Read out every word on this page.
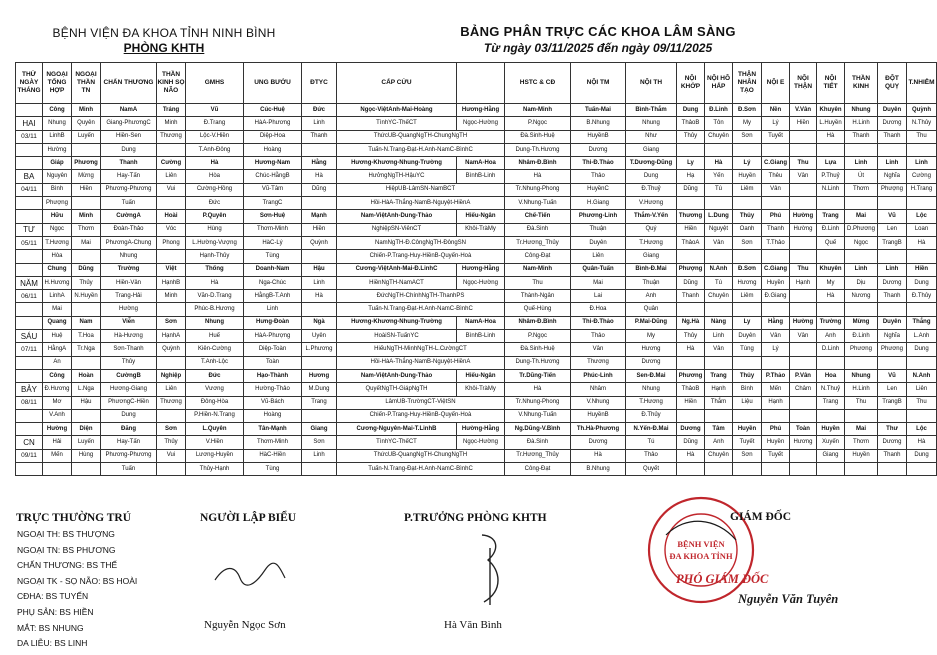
BỆNH VIỆN ĐA KHOA TỈNH NINH BÌNH
PHÒNG KHTH
BẢNG PHÂN TRỰC CÁC KHOA LÂM SÀNG
Từ ngày 03/11/2025 đến ngày 09/11/2025
THỨ NGÀY THÁNG	NGOẠI TỔNG HỢP	NGOẠI THẦN TN	CHẤN THƯƠNG	THẦN KINH SỌ NÃO	GMHS	UNG BƯỚU	ĐTYC	CẤP CỨU		HSTC & CĐ	NỘI TM	NỘI TH	NỘI KHỚP	NỘI HÔ HẤP	THẬN NHÂN TẠO	NỘI E	NỘI THẬN	NỘI TIẾT	THẦN KINH	ĐỘT QUỴ	T.NHIỄM
	Công	Minh	NamA	Tráng	Vũ	Cúc-Huệ	Đức	Ngọc-ViệtAnh-Mai-Hoàng	Hương-Hằng	Nam-Minh	Tuấn-Mai	Bình-Thắm	Dung	Đ.Linh	Đ.Sơn	Nền	V.Vân	Khuyên	Nhung	Duyên	Quỳnh
HAI	Nhung	Quyên	Giang-PhươngC	Minh	Đ.Trang	HàA-Phương	Linh	TìnhYC-ThếCT	Ngọc-Hường	P.Ngọc	B.Nhung	Nhung	ThảoB	Tôn	My	Lý	Hiền	L.Huyền	H.Linh	Dương	N.Thủy
03/11	LinhB	Luyến	Hiền-Sen	Thương	Lộc-V.Hiền	Diệp-Hoa	Thanh	ThứcUB-QuangNgTH-ChungNgTH		Đà.Sinh-Huệ	HuyềnB	Như	Thủy	Chuyên	Sơn	Tuyết		Hà	Thanh	Thanh	Thu
	Hường		Dung		T.Anh-Đông	Hoàng		Tuấn-N.Trang-Đạt-H.Anh-NamC-BìnhC		Dung-Th.Hương	Dương	Giang									
	Giáp	Phương	Thanh	Cường	Hà	Hương-Nam	Hằng	Hương-Khương-Nhung-Trường	NamA-Hoa	Nhâm-Đ.Bình	Thi-Đ.Thảo	T.Dương-Dũng	Ly	Hà	Lý	C.Giang	Thu	Lựa	Linh	Linh	Linh
BA	Nguyên	Mừng	Hay-Tấn	Liên	Hòa	Chúc-HằngB	Hà	HưởngNgTH-HậuYC	BìnhB-Linh	Hà	Thảo	Dung	Hạ	Yến	Huyền	Thêu	Vân	P.Thuỷ	Út	Nghĩa	Cường
04/11	Bình	Hiền	Phương-Phương	Vui	Cường-Hồng	Vũ-Tâm	Dũng	HiệpUB-LâmSN-NamBCT		Tr.Nhung-Phong	HuyềnC	Đ.Thuỷ	Dũng	Tú	Liêm	Vân		N.Linh	Thơm	Phượng	H.Trang
	Phượng		Tuấn		Đức	TrangC		Hồi-HàA-Thắng-NamB-Nguyệt-HiềnA		V.Nhung-Tuấn	H.Giang	V.Hương									
	Hữu	Minh	CườngA	Hoài	P.Quyên	Sơn-Huệ	Mạnh	Nam-ViệtAnh-Dung-Thảo	Hiếu-Ngân	Chế-Tiến	Phương-Linh	Thắm-V.Yến	Thương	L.Dung	Thủy	Phú	Hường	Trang	Mai	Vũ	Lộc
TƯ	Ngọc	Thơm	Đoàn-Thảo	Vóc	Hùng	Thơm-Minh	Hiền	NghiệpSN-ViênCT	Khôi-TràMy	Đà.Sinh	Thuận	Quý	Hiền	Nguyệt	Oanh	Thanh	Hường	Đ.Linh	D.Phương	Len	Loan
05/11	T.Hương	Mai	PhươngA-Chung	Phong	L.Hường-Vượng	HàC-Lý	Quỳnh	NamNgTH-Đ.CôngNgTH-ĐôngSN		Tr.Hương_Thủy	Duyên	T.Hương	ThảoA	Vân	Sơn	T.Thảo		Quế	Ngọc	TrangB	Hà
	Hòa		Nhung		Hạnh-Thủy	Tùng		Chiến-P.Trang-Huy-HiềnB-Quyến-Hoà		Công-Đạt	Liên	Giang									
	Chung	Dũng	Trường	Việt	Thống	Doanh-Nam	Hậu	Cương-ViệtAnh-Mai-Đ.LinhC	Hương-Hằng	Nam-Minh	Quân-Tuấn	Bình-Đ.Mai	Phượng	N.Anh	Đ.Sơn	C.Giang	Thu	Khuyên	Linh	Linh	Hiền
NĂM	H.Hương	Thủy	Hiền-Vân	HạnhB	Hà	Nga-Chúc	Linh	HiềnNgTH-NamACT	Ngọc-Hường	Thu	Mai	Thuận	Dũng	Tú	Hương	Huyền	Hạnh	My	Dịu	Dương	Dung
06/11	LinhA	N.Huyền	Trang-Hải	Minh	Văn-D.Trang	HằngB-T.Anh	Hà	ĐứcNgTH-ChínhNgTH-ThanhPS		Thành-Ngân	Lai	Anh	Thanh	Chuyên	Liêm	Đ.Giang		Hà	Nương	Thanh	Đ.Thủy
	Mai		Hường		Phúc-B.Hương	Linh		Tuấn-N.Trang-Đạt-H.Anh-NamC-BìnhC		Quế-Hùng	Đ.Hoa	Quân									
	Quang	Nam	Viễn	Sơn	Nhung	Hưng-Đoàn	Ngà	Hương-Khương-Nhung-Trường	NamA-Hoa	Nhâm-Đ.Bình	Thi-Đ.Thảo	P.Mai-Dũng	Ng.Hà	Nàng	Ly	Hằng	Hường	Trường	Mừng	Duyên	Thắng
SÁU	Huệ	T.Hoa	Hà-Hương	HạnhA	Huế	HàA-Phượng	Uyên	HoàiSN-TuấnYC	BìnhB-Linh	P.Ngọc	Thảo	My	Thủy	Linh	Duyên	Vân	Vân	Anh	Đ.Linh	Nghĩa	L.Anh
07/11	HằngA	Tr.Nga	Sơn-Thanh	Quỳnh	Kiên-Cường	Diệp-Toàn	L.Phương	HiếuNgTH-MinhNgTH-L.CườngCT		Đà.Sinh-Huệ	Vân	Hương	Hà	Vân	Tùng	Lý		D.Linh	Phương	Phương	Dung
	An		Thủy		T.Anh-Lộc	Toàn		Hồi-HàA-Thắng-NamB-Nguyệt-HiềnA		Dung-Th.Hương	Thương	Dương									
	Công	Hoàn	CườngB	Nghiệp	Đức	Hạo-Thành	Hương	Nam-ViệtAnh-Dung-Thảo	Hiếu-Ngân	Tr.Dũng-Tiến	Phúc-Linh	Sen-Đ.Mai	Phương	Trang	Thủy	P.Thảo	P.Vân	Hoa	Nhung	Vũ	N.Anh
BẢY	Đ.Hương	L.Nga	Hương-Giang	Liên	Vương	Hường-Thảo	M.Dung	QuyếtNgTH-GiápNgTH	Khôi-TràMy	Hà	Nhâm	Nhung	ThảoB	Hạnh	Bình	Mến	Châm	N.Thuỷ	H.Linh	Len	Liên
08/11	Mơ	Hậu	PhươngC-Hiền	Thương	Đông-Hòa	Vũ-Bách	Trang	LâmUB-TrườngCT-ViệtSN		Tr.Nhung-Phong	V.Nhung	T.Hương	Hiền	Thắm	Liệu	Hạnh		Trang	Thu	TrangB	Thu
	V.Anh		Dung		P.Hiền-N.Trang	Hoàng		Chiến-P.Trang-Huy-HiềnB-Quyến-Hoà		V.Nhung-Tuấn	HuyềnB	Đ.Thủy									
	Hường	Diện	Đăng	Sơn	L.Quyên	Tân-Mạnh	Giang	Cương-Nguyên-Mai-T.LinhB	Hường-Hằng	Ng.Dũng-V.Bình	Th.Hà-Phương	N.Yến-Đ.Mai	Dương	Tâm	Huyền	Phú	Toàn	Huyền	Mai	Thư	Lộc
CN	Hải	Luyến	Hay-Tấn	Thủy	V.Hiền	Thơm-Minh	Sơn	TìnhYC-ThếCT	Ngọc-Hường	Đà.Sinh	Dương	Tú	Dũng	Anh	Tuyết	Huyền	Hương	Xuyến	Thơm	Dương	Hà
09/11	Mến	Hùng	Phương-Phương	Vui	Lương-Huyền	HàC-Hiền	Linh	ThứcUB-QuangNgTH-ChungNgTH		Tr.Hương_Thủy	Hà	Thảo	Hà	Chuyên	Sơn	Tuyết		Giang	Huyền	Thanh	Dung
			Tuấn		Thủy-Hạnh	Tùng		Tuấn-N.Trang-Đạt-H.Anh-NamC-BìnhC		Công-Đạt	B.Nhung	Quyết									
TRỰC THƯỜNG TRÚ
NGOẠI TH: BS THƯỢNG
NGOẠI TN: BS PHƯƠNG
CHẤN THƯƠNG: BS THẾ
NGOẠI TK - SỌ NÃO: BS HOÀI
CĐHA: BS TUYẾN
PHỤ SẢN: BS HIỀN
MẮT: BS NHUNG
DA LIỄU: BS LINH
NGƯỜI LẬP BIỂU
Nguyễn Ngọc Sơn
P.TRƯỞNG PHÒNG KHTH
Hà Văn Bình
BỆNH VIỆN
ĐA KHOA TỈNH
GIÁM ĐỐC
PHÓ GIÁM ĐỐC
Nguyễn Văn Tuyên
